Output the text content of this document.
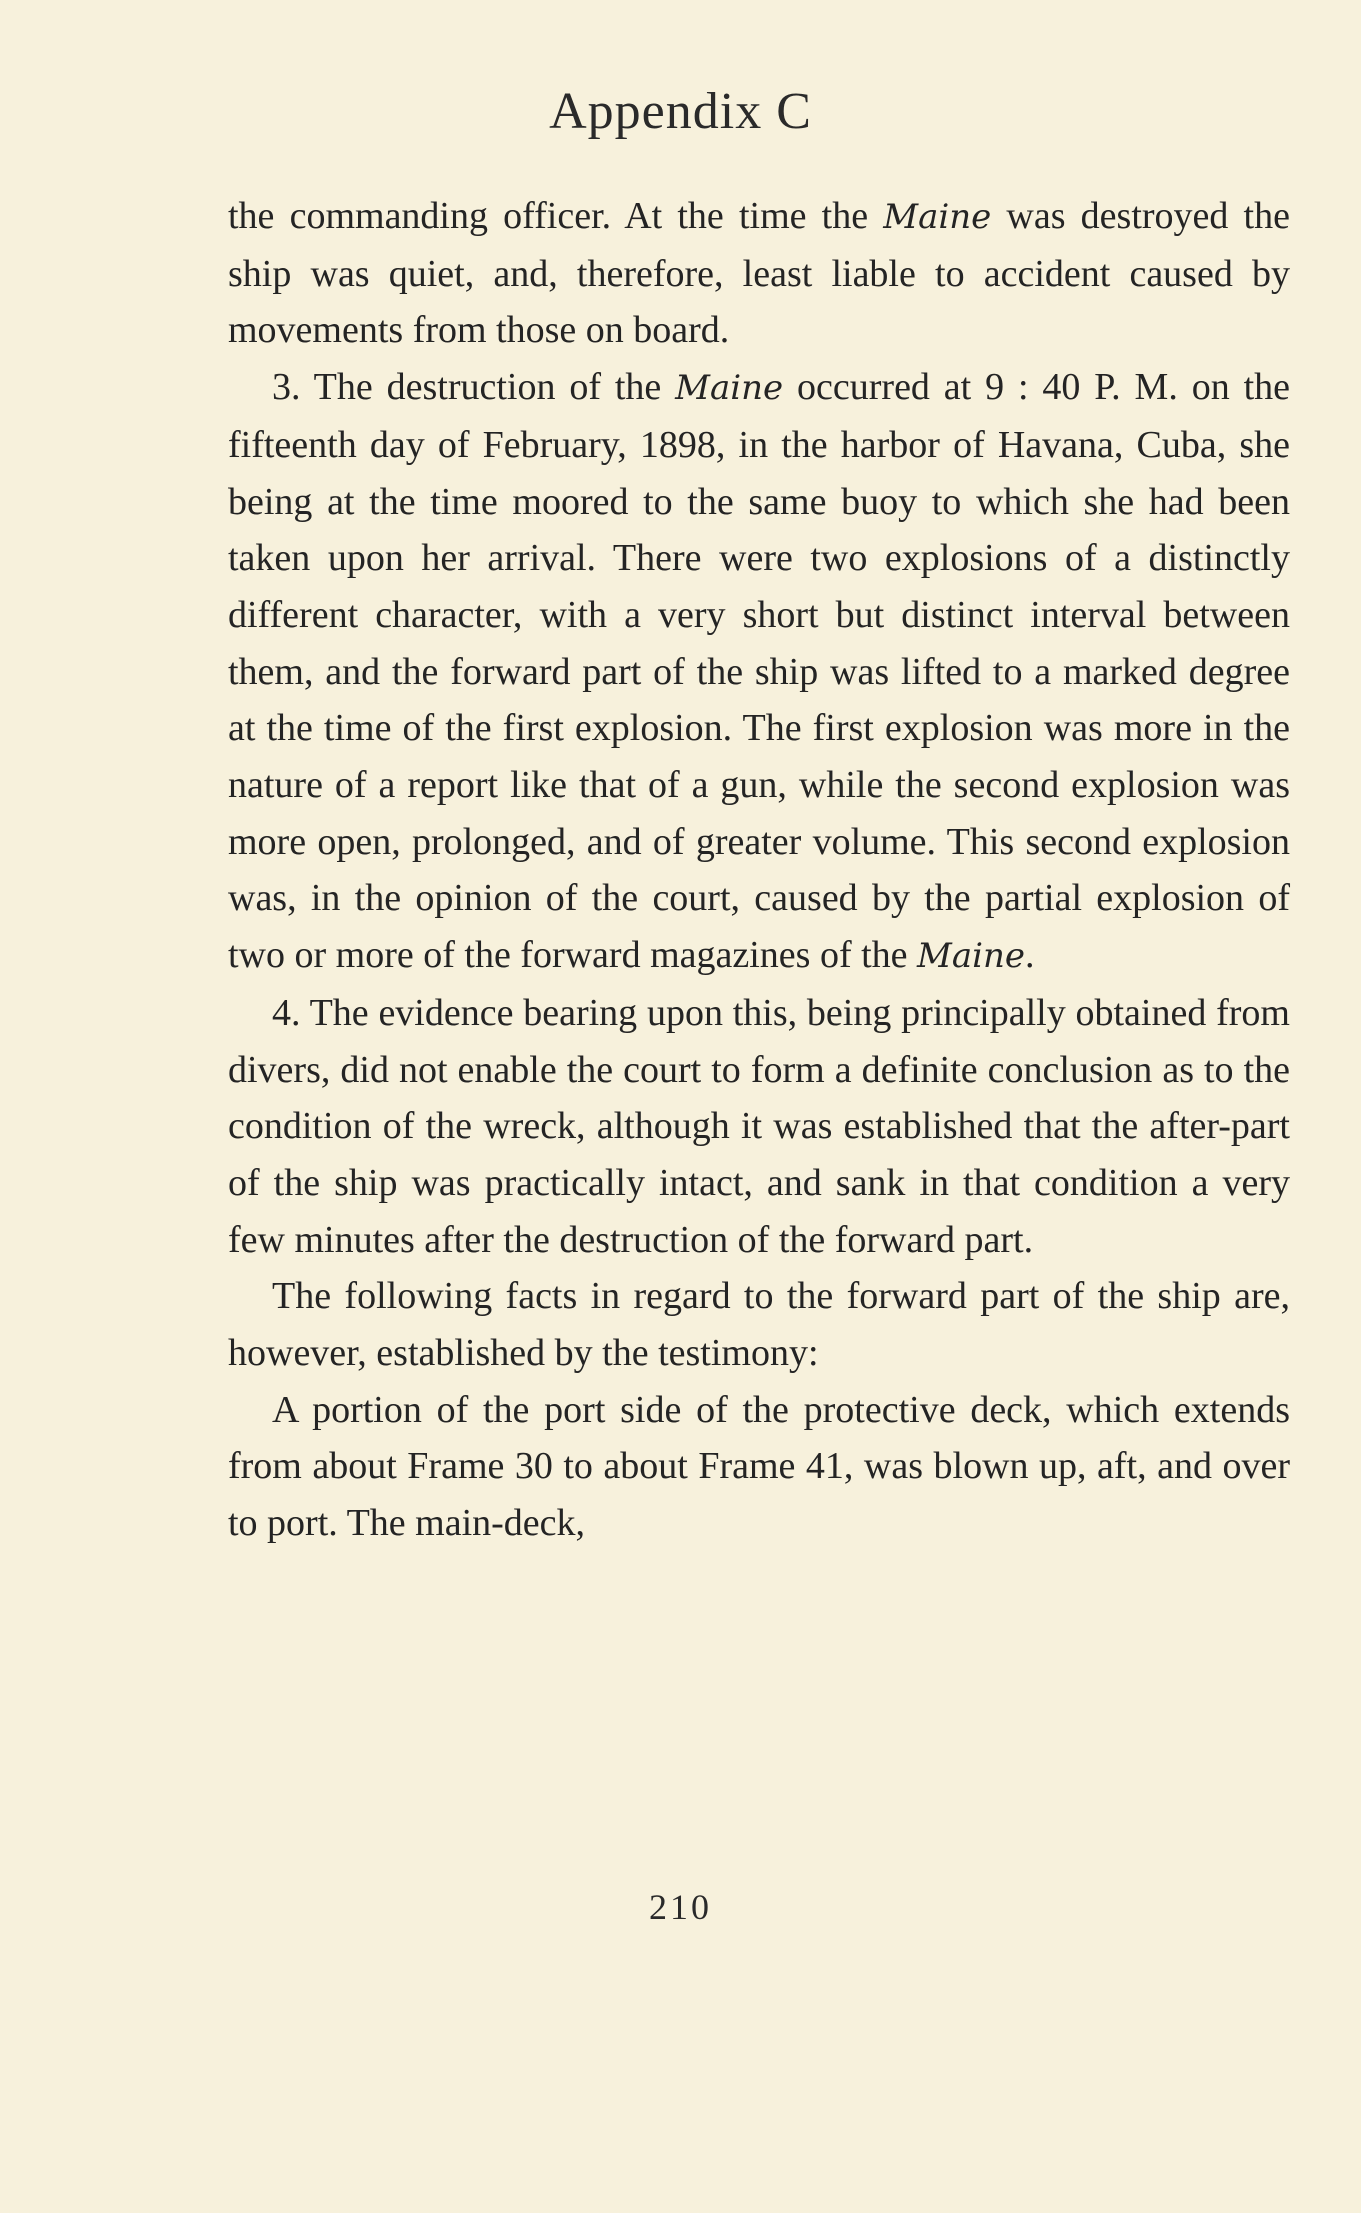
Appendix C

the commanding officer. At the time the Maine was destroyed the ship was quiet, and, therefore, least liable to accident caused by movements from those on board.

3. The destruction of the Maine occurred at 9 : 40 P. M. on the fifteenth day of February, 1898, in the harbor of Havana, Cuba, she being at the time moored to the same buoy to which she had been taken upon her arrival. There were two explosions of a distinctly different character, with a very short but distinct interval between them, and the forward part of the ship was lifted to a marked degree at the time of the first explosion. The first explosion was more in the nature of a report like that of a gun, while the second explosion was more open, prolonged, and of greater volume. This second explosion was, in the opinion of the court, caused by the partial explosion of two or more of the forward magazines of the Maine.

4. The evidence bearing upon this, being principally obtained from divers, did not enable the court to form a definite conclusion as to the condition of the wreck, although it was established that the after-part of the ship was practically intact, and sank in that condition a very few minutes after the destruction of the forward part.

The following facts in regard to the forward part of the ship are, however, established by the testimony:

A portion of the port side of the protective deck, which extends from about Frame 30 to about Frame 41, was blown up, aft, and over to port. The main-deck,

210
